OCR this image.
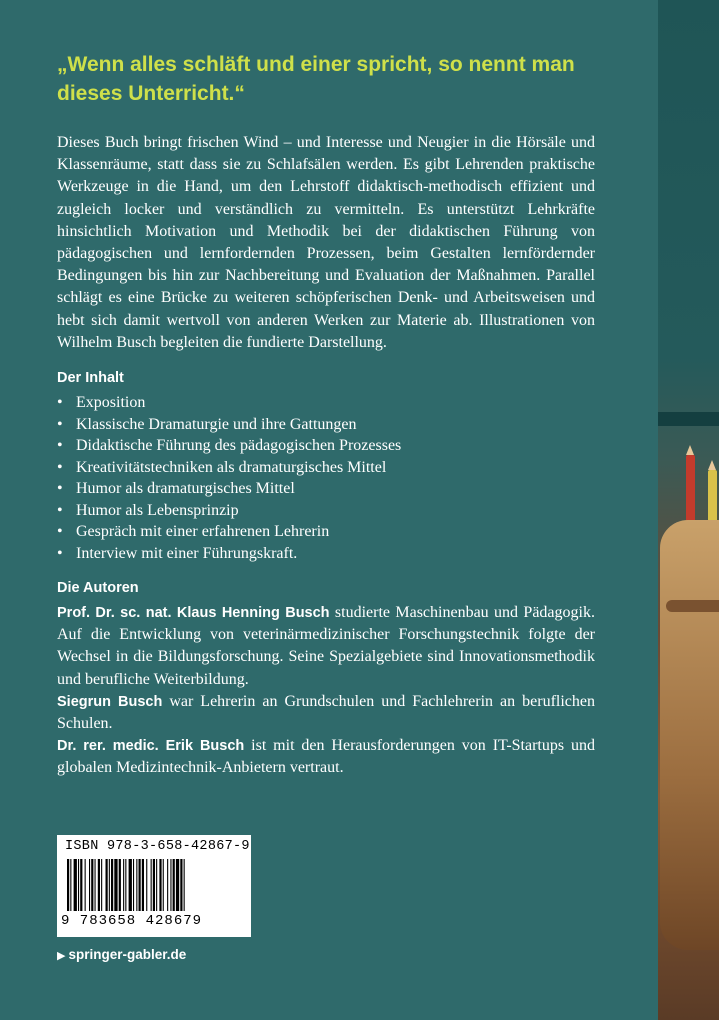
„Wenn alles schläft und einer spricht, so nennt man dieses Unterricht.“

Dieses Buch bringt frischen Wind – und Interesse und Neugier in die Hörsäle und Klassenräume, statt dass sie zu Schlafsälen werden. Es gibt Lehrenden praktische Werkzeuge in die Hand, um den Lehrstoff didaktisch-methodisch effizient und zugleich locker und verständlich zu vermitteln. Es unterstützt Lehrkräfte hinsichtlich Motivation und Methodik bei der didaktischen Führung von pädagogischen und lernfordernden Prozessen, beim Gestalten lernfördernder Bedingungen bis hin zur Nachbereitung und Evaluation der Maßnahmen. Parallel schlägt es eine Brücke zu weiteren schöpferischen Denk- und Arbeitsweisen und hebt sich damit wertvoll von anderen Werken zur Materie ab. Illustrationen von Wilhelm Busch begleiten die fundierte Darstellung.

Der Inhalt
• Exposition
• Klassische Dramaturgie und ihre Gattungen
• Didaktische Führung des pädagogischen Prozesses
• Kreativitätstechniken als dramaturgisches Mittel
• Humor als dramaturgisches Mittel
• Humor als Lebensprinzip
• Gespräch mit einer erfahrenen Lehrerin
• Interview mit einer Führungskraft.
Die Autoren

Prof. Dr. sc. nat. Klaus Henning Busch studierte Maschinenbau und Pädagogik. Auf die Entwicklung von veterinärmedizinischer Forschungstechnik folgte der Wechsel in die Bildungsforschung. Seine Spezialgebiete sind Innovationsmethodik und berufliche Weiterbildung.

Siegrun Busch war Lehrerin an Grundschulen und Fachlehrerin an beruflichen Schulen.

Dr. rer. medic. Erik Busch ist mit den Herausforderungen von IT-Startups und globalen Medizintechnik-Anbietern vertraut.

ISBN 978-3-658-42867-9
9 783658 428679
▶ springer-gabler.de
